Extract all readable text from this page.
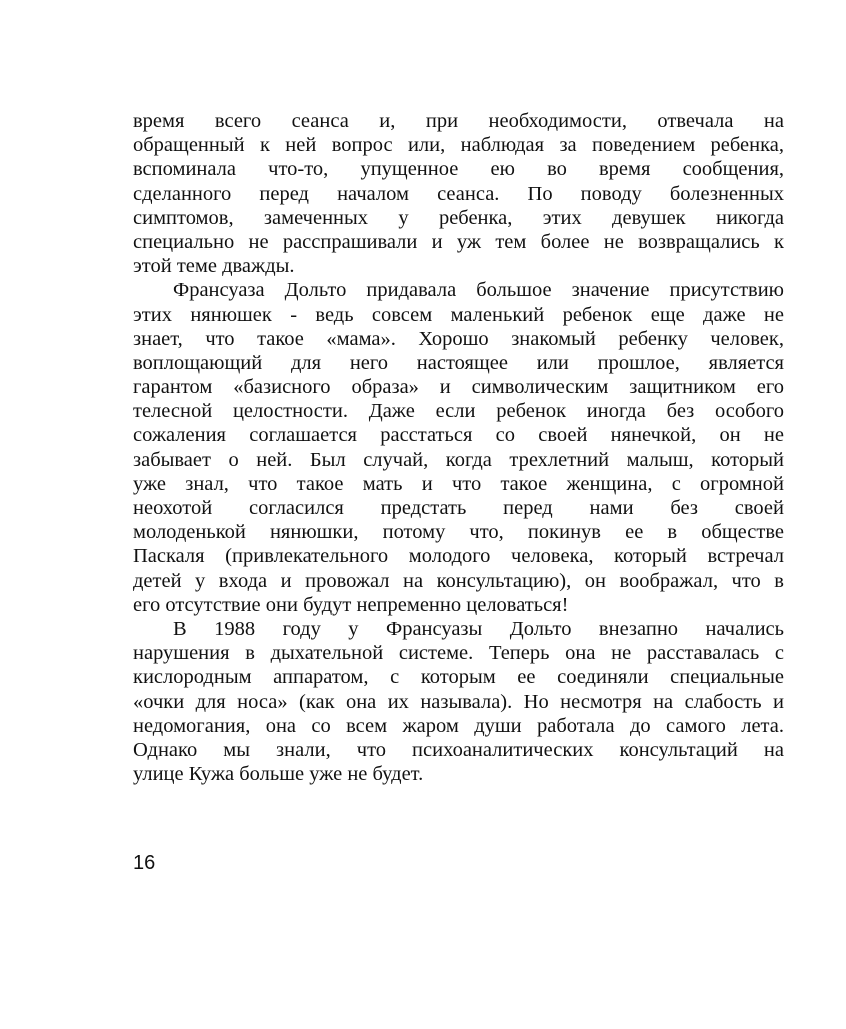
время всего сеанса и, при необходимости, отвечала на
обращенный к ней вопрос или, наблюдая за поведением ребенка,
вспоминала что-то, упущенное ею во время сообщения,
сделанного перед началом сеанса. По поводу болезненных
симптомов, замеченных у ребенка, этих девушек никогда
специально не расспрашивали и уж тем более не возвращались к
этой теме дважды.
Франсуаза Дольто придавала большое значение присутствию
этих нянюшек - ведь совсем маленький ребенок еще даже не
знает, что такое «мама». Хорошо знакомый ребенку человек,
воплощающий для него настоящее или прошлое, является
гарантом «базисного образа» и символическим защитником его
телесной целостности. Даже если ребенок иногда без особого
сожаления соглашается расстаться со своей нянечкой, он не
забывает о ней. Был случай, когда трехлетний малыш, который
уже знал, что такое мать и что такое женщина, с огромной
неохотой согласился предстать перед нами без своей
молоденькой нянюшки, потому что, покинув ее в обществе
Паскаля (привлекательного молодого человека, который встречал
детей у входа и провожал на консультацию), он воображал, что в
его отсутствие они будут непременно целоваться!
В 1988 году у Франсуазы Дольто внезапно начались
нарушения в дыхательной системе. Теперь она не расставалась с
кислородным аппаратом, с которым ее соединяли специальные
«очки для носа» (как она их называла). Но несмотря на слабость и
недомогания, она со всем жаром души работала до самого лета.
Однако мы знали, что психоаналитических консультаций на
улице Кужа больше уже не будет.
16
